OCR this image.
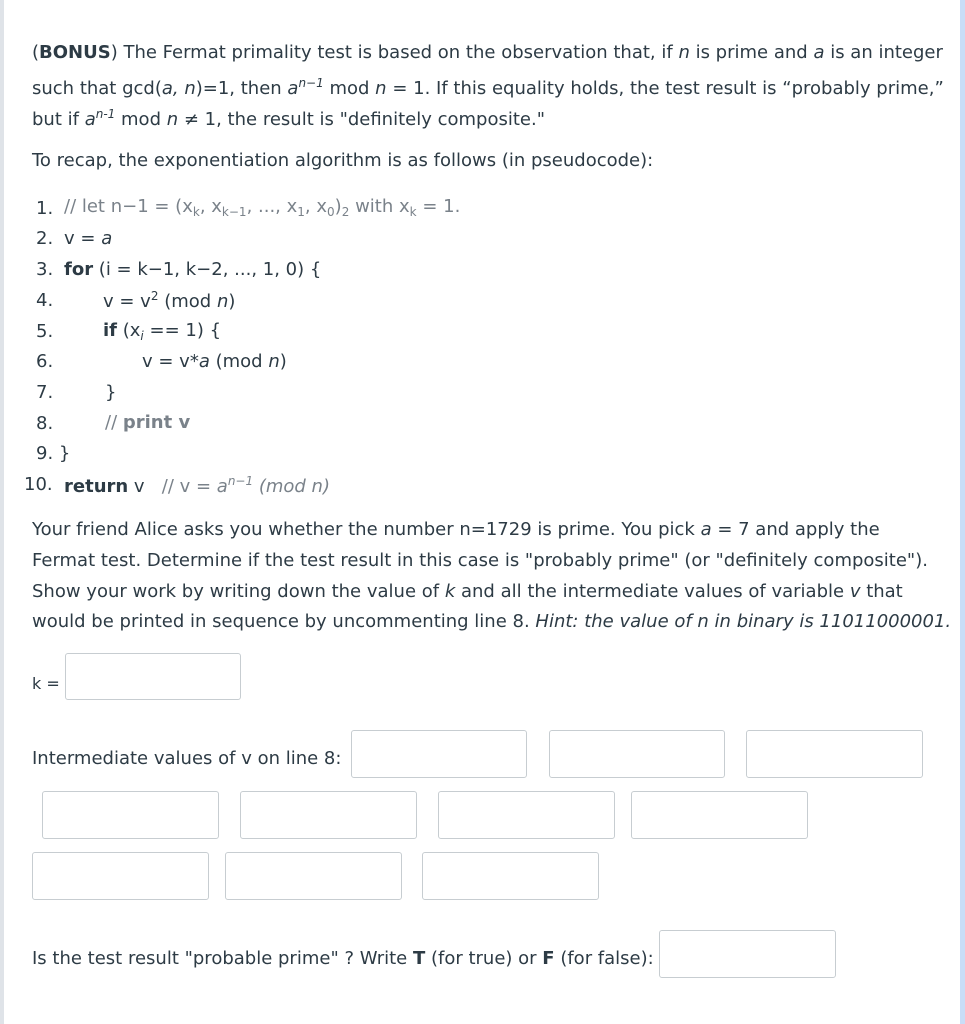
(BONUS) The Fermat primality test is based on the observation that, if n is prime and a is an integer
such that gcd(a, n)=1, then $a^{n-1}$ mod n = 1. If this equality holds, the test result is “probably prime,”
but if $a^{n-1}$ mod n ≠ 1, the result is "definitely composite."
To recap, the exponentiation algorithm is as follows (in pseudocode):
1. // let $n-1 = (x_k$, $x_{k-1}$, ..., $x_1$, $x_0)_2$ with $x_k = 1$.
2. v = a
3. for (i = k−1, k−2, ..., 1, 0) {
4.	$v = v^2$ (mod n)
5.	if $(x_i == 1)$ {
6.	v = v*a (mod n)
7.	}
8.	// print v
9. }
10. return $v // v = a^{n-1}$ (mod n)
Your friend Alice asks you whether the number n=1729 is prime. You pick a = 7 and apply the
Fermat test. Determine if the test result in this case is "probably prime" (or "definitely composite").
Show your work by writing down the value of k and all the intermediate values of variable v that
would be printed in sequence by uncommenting line 8. Hint: the value of n in binary is 11011000001.
k =
Intermediate values of v on line 8:
Is the test result "probable prime" ? Write T (for true) or F (for false):
